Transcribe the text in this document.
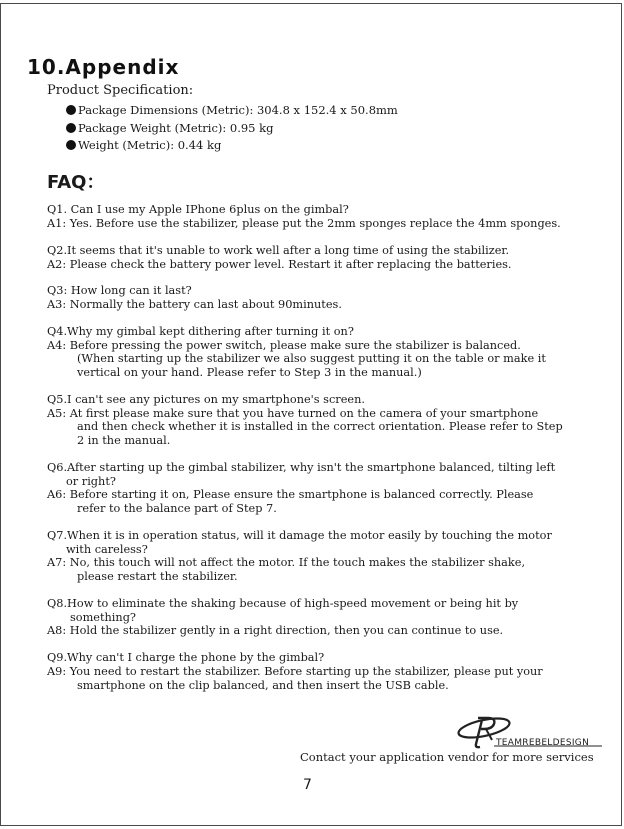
10.Appendix
Product Specification:
Package Dimensions (Metric): 304.8 x 152.4 x 50.8mm
Package Weight (Metric): 0.95 kg
Weight (Metric): 0.44 kg
FAQ：
Q1. Can I use my Apple IPhone 6plus on the gimbal?
A1: Yes. Before use the stabilizer, please put the 2mm sponges replace the 4mm sponges.
Q2.It seems that it's unable to work well after a long time of using the stabilizer.
A2: Please check the battery power level. Restart it after replacing the batteries.
Q3: How long can it last?
A3: Normally the battery can last about 90minutes.
Q4.Why my gimbal kept dithering after turning it on?
A4: Before pressing the power switch, please make sure the stabilizer is balanced.
(When starting up the stabilizer we also suggest putting it on the table or make it
vertical on your hand. Please refer to Step 3 in the manual.)
Q5.I can't see any pictures on my smartphone's screen.
A5: At first please make sure that you have turned on the camera of your smartphone
and then check whether it is installed in the correct orientation. Please refer to Step
2 in the manual.
Q6.After starting up the gimbal stabilizer, why isn't the smartphone balanced, tilting left
or right?
A6: Before starting it on, Please ensure the smartphone is balanced correctly. Please
refer to the balance part of Step 7.
Q7.When it is in operation status, will it damage the motor easily by touching the motor
with careless?
A7: No, this touch will not affect the motor. If the touch makes the stabilizer shake,
please restart the stabilizer.
Q8.How to eliminate the shaking because of high-speed movement or being hit by
something?
A8: Hold the stabilizer gently in a right direction, then you can continue to use.
Q9.Why can't I charge the phone by the gimbal?
A9: You need to restart the stabilizer. Before starting up the stabilizer, please put your
smartphone on the clip balanced, and then insert the USB cable.
TEAMREBELDESIGN
Contact your application vendor for more services
7
